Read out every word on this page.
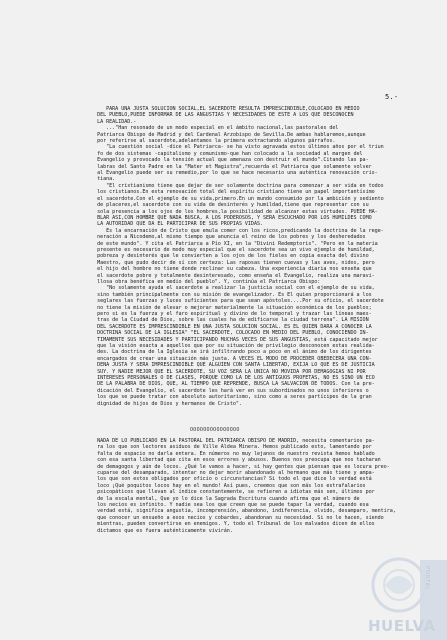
5.-
PARA UNA JUSTA SOLUCION SOCIAL,EL SACERDOTE RESULTA IMPRESCINDIBLE,COLOCADO EN MEDIO
DEL PUEBLO,PUEDE INFORMAR DE LAS ANGUSTIAS Y NECESIDADES DE ESTE A LOS QUE DESCONOCEN
LA REALIDAD.-
..."Han resonado de un modo especial en el ámbito nacional,las pastorales del
Patriarca Obispo de Madrid y del Cardenal Arzobispo de Sevilla.De ambas hablaremos,aunque
por referirse al sacerdote,adelantamos la primera extractando algunos párrafos.
"La cuestión social -dice el Patriarca- se ha visto agravada estos últimos años por el triun
fo de dos sistemas -capitalismo y comunismo-que han colocado a la sociedad al margen del
Evangelio y provocado la tensión actual que amenaza con destruir el mundo".Citando las pa-
labras del Santo Padre en la "Mater et Magistra",recuerda el Patriarca que solamente volver
al Evangelio puede ser su remedio,por lo que se hace necesario una auténtica renovación cris-
tiana.
"El cristianismo tiene que dejar de ser solamente doctrina para comenzar a ser vida en todos
los cristianos.En esta renovación total del espíritu cristiano tiene un papel importantísimo
el sacerdote.Con el ejemplo de su vida,primero.En un mundo consumido por la ambición y sediento
de placeres,el sacerdote con su vida de desinterés y humildad,tiene que representar con su
sola presencia a los ojos de los hombres,la posibilidad de alcanzar estas virtudes. PUEDE HA-
BLAR ASI,CON HOMBRE QUE NADA BUSCA, A LOS PODEROSOS, Y SERA ESCUCHADO POR LOS HUMILDES COMO
LA AUTORIDAD QUE DA EL PARTICIPAR DE SUS PROPIAS VIDAS.
Es la encarnación de Cristo que emula comer con los ricos,predicando la doctrina de la rege-
neración a Nicodemo,al mismo tiempo que anuncia el reino de los pobres y los desheredados
de este mundo". Y cita el Patriarca a Pío XI, en la "Divini Redemptoris". "Pero en la materia
presente es necesario de modo muy especial que el sacerdote sea un vivo ejemplo de humildad,
pobreza y desinterés que le convierten a los ojos de los fieles en copia exacta del divino
Maestro, que pudo decir de sí con certeza: Las raposas tienen cuevas y las aves, nidos, pero
el hijo del hombre no tiene donde reclinar su cabeza. Una experiencia diaria nos enseña que
el sacerdote pobre y totalmente desinteresado, como enseña el Evangelio, realiza una maravi-
llosa obra benéfica en medio del pueblo". Y, continúa el Patriarca Obispo:
"No solamente ayuda el sacerdote a realizar la justicia social con el ejemplo de su vida,
sino también principalmente con su misión de evangelizador. Es El quien proporcionará a los
seglares las fuerzas y luces suficientes para que sean apóstoles....Por su oficio, el sacerdote
no tiene la misión de elevar o mejorar materialmente la situación económica de los pueblos;
pero si es la fuerza y el faro espiritual y divino de lo temporal y trazar las líneas maes-
tras de la Ciudad de Dios, sobre las cuales ha de edificarse la ciudad terrena". LA MISION
DEL SACERDOTE ES IMPRESCINDIBLE EN UNA JUSTA SOLUCION SOCIAL. ES EL QUIEN DARA A CONOCER LA
DOCTRINA SOCIAL DE LA IGLESIA" "EL SACERDOTE, COLOCADO EN MEDIO DEL PUEBLO, CONOCIENDO IN-
TIMAMENTE SUS NECESIDADES Y PARTICIPANDO MUCHAS VECES DE SUS ANGUSTIAS, está capacitado mejor
que la visión exacta a aquellos que por su situación de privilegio desconocen estas realida-
des. La doctrina de la Iglesia se irá infiltrando poco a poco en el ánimo de los dirigentes
encargados de crear una situación más justa. A VECES EL MODO DE PROCEDER OBEDECERA UNA CON-
DENA JUSTA Y SERA IMPRESCINDIBLE QUE ALGUIEN CON SANTA LIBERTAD, EXIJA LO QUE ES DE JUSTICIA
SUY. Y NADIE MEJOR QUE EL SACERDOTE, SU VOZ SERA LA UNICA NO MOVIDA POR DEMAGOGIAS NI POR
INTERESES PERSONALES O DE CLASES, PORQUE COMO LA DE LOS ANTIGUOS PROFETAS, NO ES SINO UN ECO
DE LA PALABRA DE DIOS, QUE, AL TIEMPO QUE REPRENDE, BUSCA LA SALVACION DE TODOS. Con la pre-
dicación del Evangelio, el sacerdote les hará ver en sus subordinados no unos inferiores o
los que se puede tratar con absoluto autoritarismo, sino como a seres partícipes de la gran
dignidad de hijos de Dios y hermanos de Cristo".
OOOOOOOOOOOOOOO
NADA DE LO PUBLICADO EN LA PASTORAL DEL PATRIARCA OBISPO DE MADRID, necesita comentarios pa-
ra los que son lectores asiduos de Ville Aldea Minera. Hemos publicado esto, lamentando por
falta de espacio no darla entera. En números no muy lejanos de nuestro revista hemos hablado
con esa santa libertad que cita en esos errores y abusos. Buenos nos preocupa que nos tacharan
de demagogos y aún de locos. ¿Qué le vamos a hacer, si hay gentes que piensan que es locura preo-
cuparse del desamparado, intentar no dejar morir abandonado al hermano que más tiene y ampa-
los que son estos obligados por oficio o circunstancias? Si todo el que dice lo verdad está
loco ¡Qué poquitos locos hay en el mundo! Así pues, creemos que son más los estrafalarios
psicopáticos que llevan al índice constantemente, se refieren a idiotas más sen, últimos por
de la escala mental, Que yo lo dice la Sagrada Escritura cuando afirma que el número de
los necios es infinito. Y nadie sea los que creen que se puede tapar la verdad, cuando esa
verdad está, significa angustia, incomprensión, abandono, indiferencia, olvido, desamparo, mentira,
que conocer un ensueño a esos necios y cobardes, abandonan su necesidad. Si no le hacen, siendo
mientras, pueden convertirse en enemigos. Y, todo el Tribunal de los malvados dicen de ellos
dictamos que es fuera auténticamente vivirán.
PORTAL
HUELVA
